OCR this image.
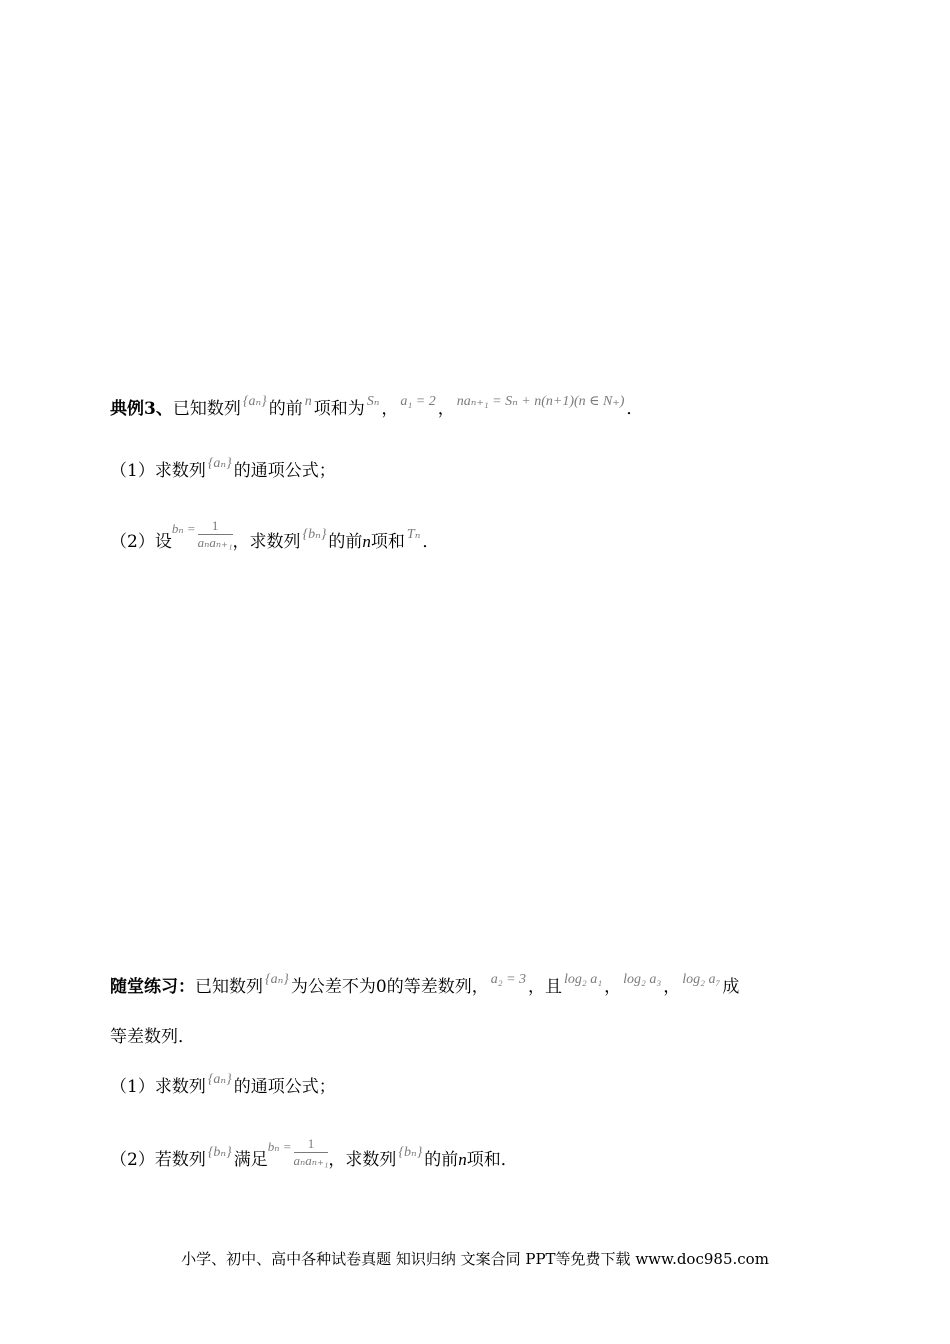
典例3、已知数列 $^{\{a_n\}}$ 的前 $^n$ 项和为 $^{S_n}$ ， $^{a_1 = 2}$ ， $^{na_{n+1} = S_n + n(n+1)(n \in N_+)}$ ．
（1）求数列 $^{\{a_n\}}$ 的通项公式；
（2）设$^{b_n =} \frac{1}{\text{aₙaₙ₊₁}}$ ，求数列 $^{\{b_n\}}$ 的前n项和 $^{T_n}$ ．
随堂练习：已知数列 $^{\{a_n\}}$ 为公差不为0的等差数列， $^{a_2 = 3}$ ，且 $^{log_2 a_1}$ ， $^{log_2 a_3}$ ， $^{log_2 a_7}$ 成
等差数列．
（1）求数列 $^{\{a_n\}}$ 的通项公式；
（2）若数列 $^{\{b_n\}}$ 满足$^{b_n =} \frac{1}{\text{aₙaₙ₊₁}}$ ，求数列 $^{\{b_n\}}$ 的前n项和．
小学、初中、高中各种试卷真题 知识归纳 文案合同 PPT等免费下载 www.doc985.com
